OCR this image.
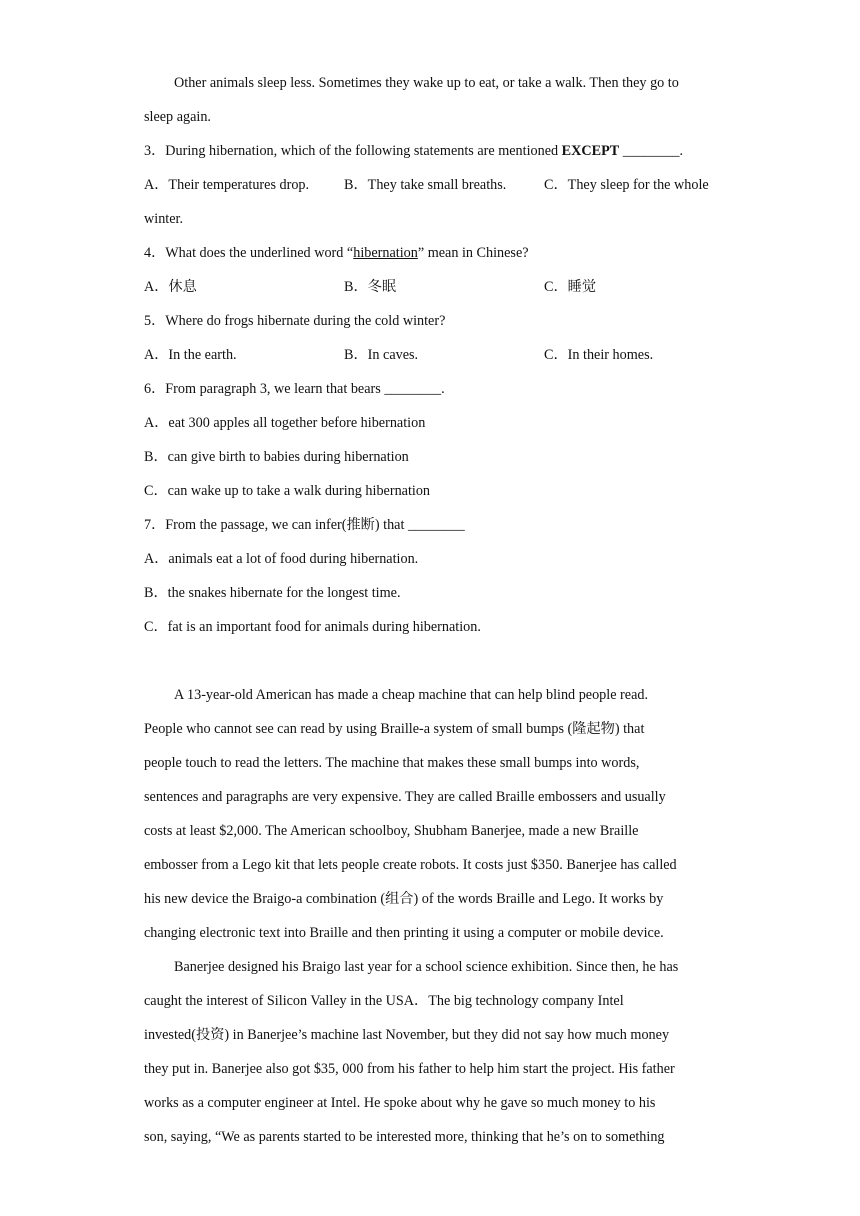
Other animals sleep less. Sometimes they wake up to eat, or take a walk. Then they go to
sleep again.
3．During hibernation, which of the following statements are mentioned EXCEPT ________.
A．Their temperatures drop. B．They take small breaths.	C．They sleep for the whole
winter.
4．What does the underlined word “hibernation” mean in Chinese?
A．休息	B．冬眠	C．睡觉
5．Where do frogs hibernate during the cold winter?
A．In the earth.	B．In caves.	C．In their homes.
6．From paragraph 3, we learn that bears ________.
A．eat 300 apples all together before hibernation
B．can give birth to babies during hibernation
C．can wake up to take a walk during hibernation
7．From the passage, we can infer(推断) that ________
A．animals eat a lot of food during hibernation.
B．the snakes hibernate for the longest time.
C．fat is an important food for animals during hibernation.
A 13-year-old American has made a cheap machine that can help blind people read.
People who cannot see can read by using Braille-a system of small bumps (隆起物) that
people touch to read the letters. The machine that makes these small bumps into words,
sentences and paragraphs are very expensive. They are called Braille embossers and usually
costs at least $2,000. The American schoolboy, Shubham Banerjee, made a new Braille
embosser from a Lego kit that lets people create robots. It costs just $350. Banerjee has called
his new device the Braigo-a combination (组合) of the words Braille and Lego. It works by
changing electronic text into Braille and then printing it using a computer or mobile device.
Banerjee designed his Braigo last year for a school science exhibition. Since then, he has
caught the interest of Silicon Valley in the USA．The big technology company Intel
invested(投资) in Banerjee’s machine last November, but they did not say how much money
they put in. Banerjee also got $35, 000 from his father to help him start the project. His father
works as a computer engineer at Intel. He spoke about why he gave so much money to his
son, saying, “We as parents started to be interested more, thinking that he’s on to something
